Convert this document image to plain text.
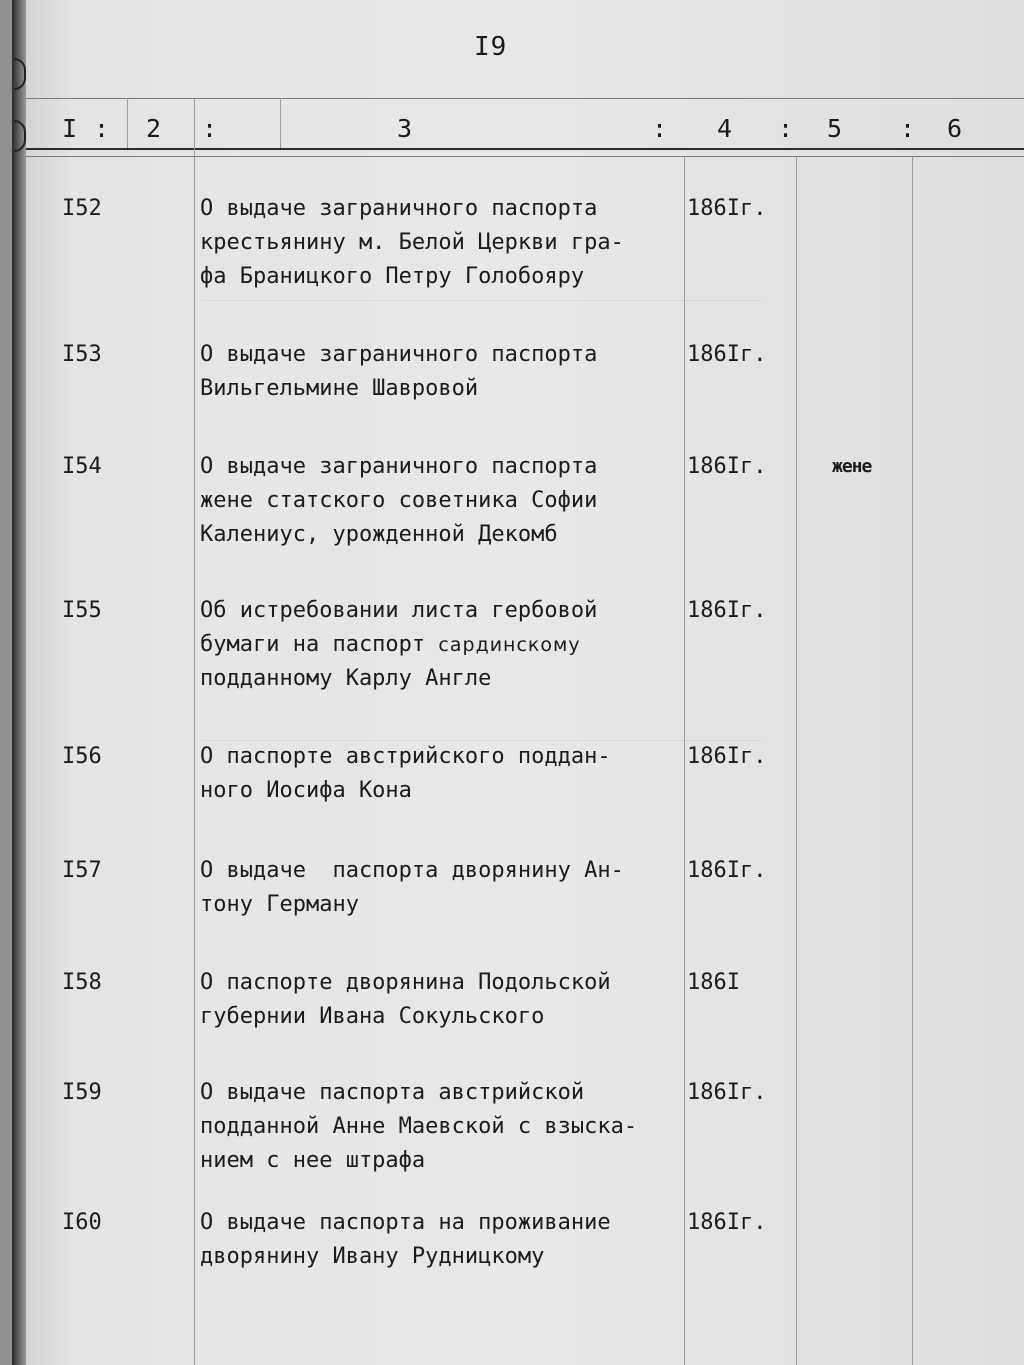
I9
I : 2 :	3	: 4 : 5 : 6
I52	О выдаче заграничного паспорта
крестьянину м. Белой Церкви гра-
фа Браницкого Петру Голобояру
186Iг.
I53	О выдаче заграничного паспорта
Вильгельмине Шавровой
186Iг.
I54	О выдаче заграничного паспорта
жене статского советника Софии
Калениус, урожденной Декомб
186Iг.	жене
I55	Об истребовании листа гербовой
бумаги на паспорт сардинскому
подданному Карлу Англе
186Iг.
I56	О паспорте австрийского поддан-
ного Иосифа Кона
186Iг.
I57	О выдаче  паспорта дворянину Ан-
тону Герману
186Iг.
I58	О паспорте дворянина Подольской
губернии Ивана Сокульского
186I
I59	О выдаче паспорта австрийской
подданной Анне Маевской с взыска-
нием с нее штрафа
186Iг.
I60	О выдаче паспорта на проживание
дворянину Ивану Рудницкому
186Iг.
